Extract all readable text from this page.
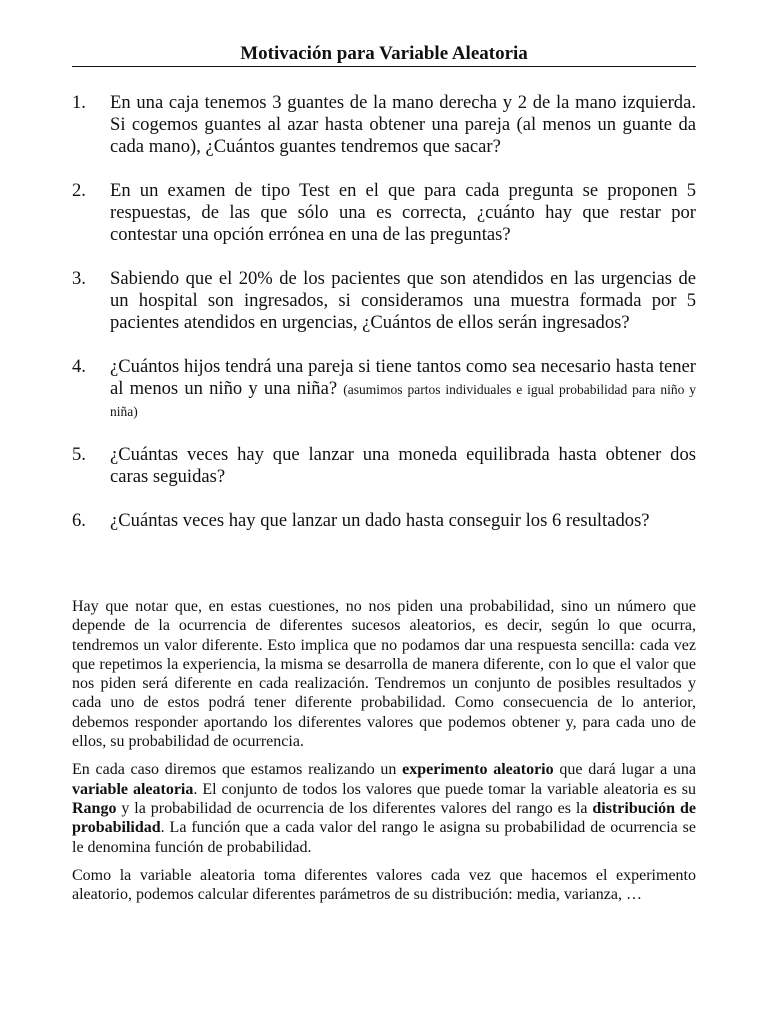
Motivación para Variable Aleatoria
1. En una caja tenemos 3 guantes de la mano derecha y 2 de la mano izquierda. Si cogemos guantes al azar hasta obtener una pareja (al menos un guante da cada mano), ¿Cuántos guantes tendremos que sacar?
2. En un examen de tipo Test en el que para cada pregunta se proponen 5 respuestas, de las que sólo una es correcta, ¿cuánto hay que restar por contestar una opción errónea en una de las preguntas?
3. Sabiendo que el 20% de los pacientes que son atendidos en las urgencias de un hospital son ingresados, si consideramos una muestra formada por 5 pacientes atendidos en urgencias, ¿Cuántos de ellos serán ingresados?
4. ¿Cuántos hijos tendrá una pareja si tiene tantos como sea necesario hasta tener al menos un niño y una niña? (asumimos partos individuales e igual probabilidad para niño y niña)
5. ¿Cuántas veces hay que lanzar una moneda equilibrada hasta obtener dos caras seguidas?
6. ¿Cuántas veces hay que lanzar un dado hasta conseguir los 6 resultados?

Hay que notar que, en estas cuestiones, no nos piden una probabilidad, sino un número que depende de la ocurrencia de diferentes sucesos aleatorios, es decir, según lo que ocurra, tendremos un valor diferente. Esto implica que no podamos dar una respuesta sencilla: cada vez que repetimos la experiencia, la misma se desarrolla de manera diferente, con lo que el valor que nos piden será diferente en cada realización. Tendremos un conjunto de posibles resultados y cada uno de estos podrá tener diferente probabilidad. Como consecuencia de lo anterior, debemos responder aportando los diferentes valores que podemos obtener y, para cada uno de ellos, su probabilidad de ocurrencia.

En cada caso diremos que estamos realizando un experimento aleatorio que dará lugar a una variable aleatoria. El conjunto de todos los valores que puede tomar la variable aleatoria es su Rango y la probabilidad de ocurrencia de los diferentes valores del rango es la distribución de probabilidad. La función que a cada valor del rango le asigna su probabilidad de ocurrencia se le denomina función de probabilidad.

Como la variable aleatoria toma diferentes valores cada vez que hacemos el experimento aleatorio, podemos calcular diferentes parámetros de su distribución: media, varianza, …
